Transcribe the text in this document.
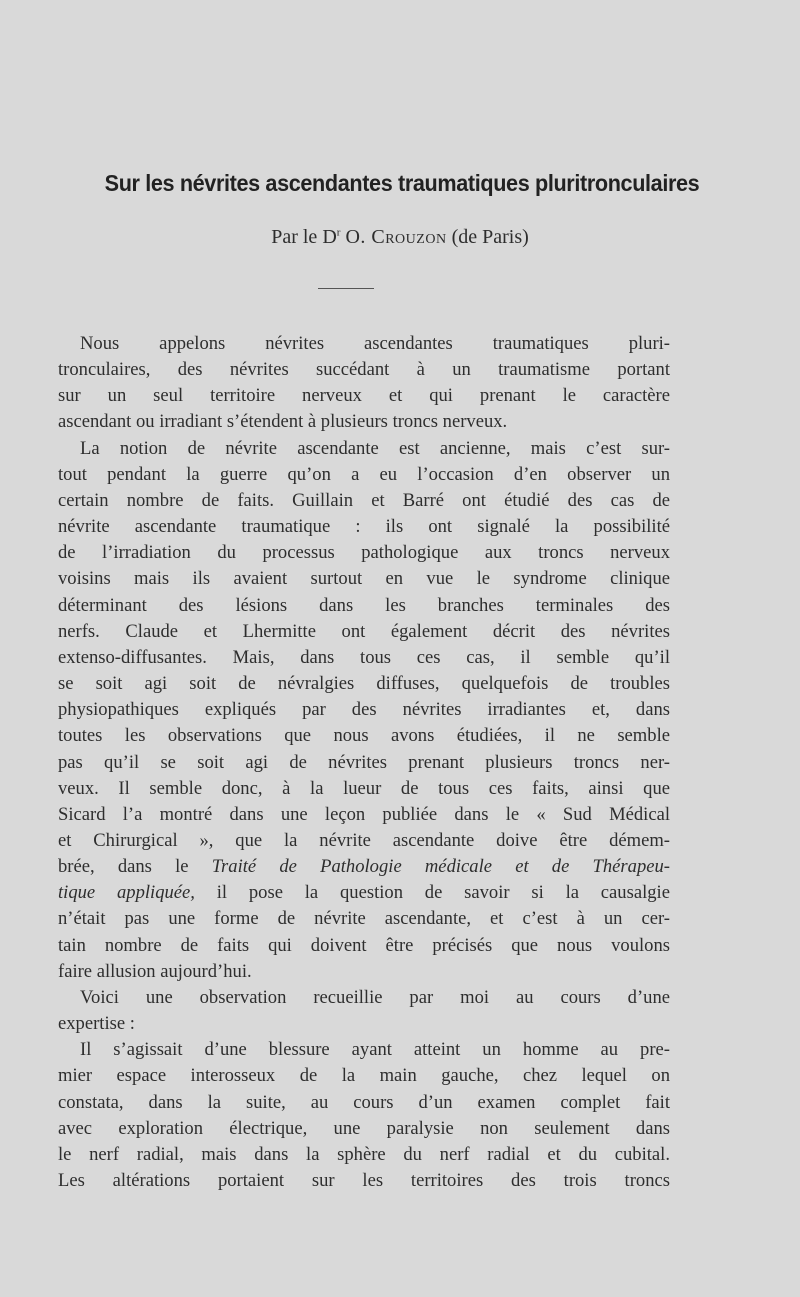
Sur les névrites ascendantes traumatiques pluritronculaires
Par le $D^r$ O. Crouzon (de Paris)
Nous appelons névrites ascendantes traumatiques pluri-
tronculaires, des névrites succédant à un traumatisme portant
sur un seul territoire nerveux et qui prenant le caractère
ascendant ou irradiant s’étendent à plusieurs troncs nerveux.
La notion de névrite ascendante est ancienne, mais c’est sur-
tout pendant la guerre qu’on a eu l’occasion d’en observer un
certain nombre de faits. Guillain et Barré ont étudié des cas de
névrite ascendante traumatique : ils ont signalé la possibilité
de l’irradiation du processus pathologique aux troncs nerveux
voisins mais ils avaient surtout en vue le syndrome clinique
déterminant des lésions dans les branches terminales des
nerfs. Claude et Lhermitte ont également décrit des névrites
extenso-diffusantes. Mais, dans tous ces cas, il semble qu’il
se soit agi soit de névralgies diffuses, quelquefois de troubles
physiopathiques expliqués par des névrites irradiantes et, dans
toutes les observations que nous avons étudiées, il ne semble
pas qu’il se soit agi de névrites prenant plusieurs troncs ner-
veux. Il semble donc, à la lueur de tous ces faits, ainsi que
Sicard l’a montré dans une leçon publiée dans le « Sud Médical
et Chirurgical », que la névrite ascendante doive être démem-
brée, dans le Traité de Pathologie médicale et de Thérapeu-
tique appliquée, il pose la question de savoir si la causalgie
n’était pas une forme de névrite ascendante, et c’est à un cer-
tain nombre de faits qui doivent être précisés que nous voulons
faire allusion aujourd’hui.
Voici une observation recueillie par moi au cours d’une
expertise :
Il s’agissait d’une blessure ayant atteint un homme au pre-
mier espace interosseux de la main gauche, chez lequel on
constata, dans la suite, au cours d’un examen complet fait
avec exploration électrique, une paralysie non seulement dans
le nerf radial, mais dans la sphère du nerf radial et du cubital.
Les altérations portaient sur les territoires des trois troncs
